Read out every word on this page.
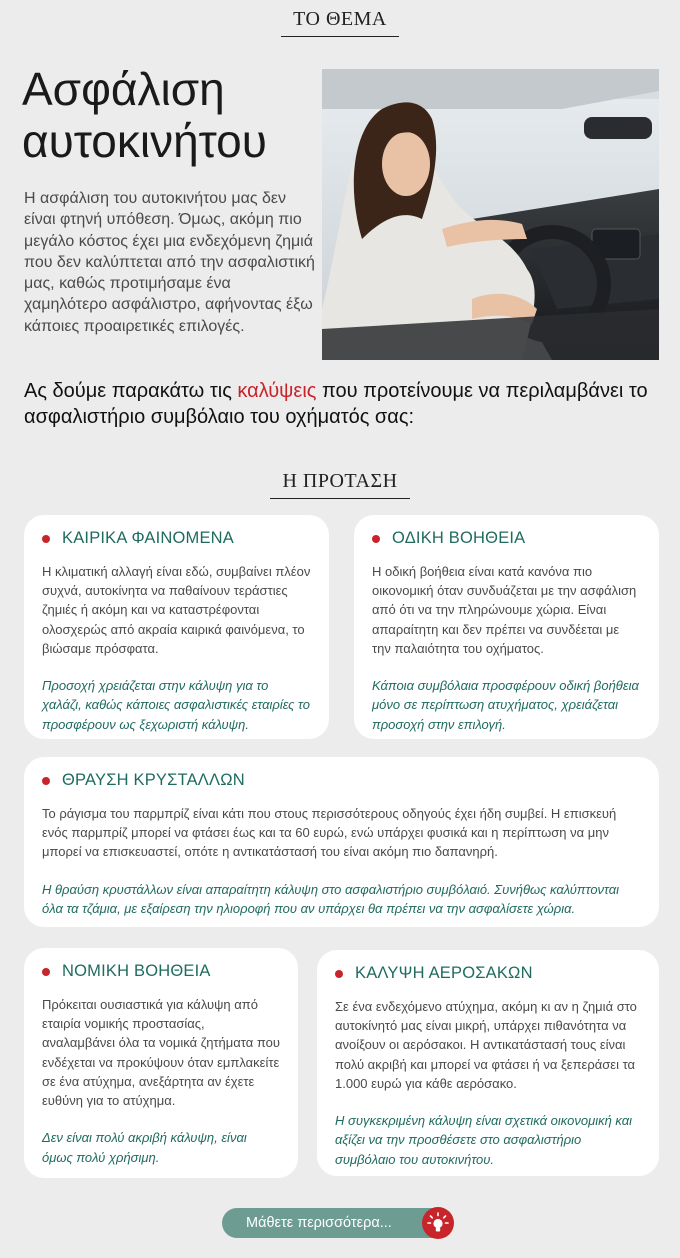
ΤΟ ΘΕΜΑ
Ασφάλιση
αυτοκινήτου
Η ασφάλιση του αυτοκινήτου μας δεν είναι φτηνή υπόθεση. Όμως, ακόμη πιο μεγάλο κόστος έχει μια ενδεχόμενη ζημιά που δεν καλύπτεται από την ασφαλιστική μας, καθώς προτιμήσαμε ένα χαμηλότερο ασφάλιστρο, αφήνοντας έξω κάποιες προαιρετικές επιλογές.
Ας δούμε παρακάτω τις καλύψεις που προτείνουμε να περιλαμβάνει το ασφαλιστήριο συμβόλαιο του οχήματός σας:
Η ΠΡΟΤΑΣΗ
ΚΑΙΡΙΚΑ ΦΑΙΝΟΜΕΝΑ

Η κλιματική αλλαγή είναι εδώ, συμβαίνει πλέον συχνά, αυτοκίνητα να παθαίνουν τεράστιες ζημιές ή ακόμη και να καταστρέφονται ολοσχερώς από ακραία καιρικά φαινόμενα, το βιώσαμε πρόσφατα.

Προσοχή χρειάζεται στην κάλυψη για το χαλάζι, καθώς κάποιες ασφαλιστικές εταιρίες το προσφέρουν ως ξεχωριστή κάλυψη.

ΟΔΙΚΗ ΒΟΗΘΕΙΑ

Η οδική βοήθεια είναι κατά κανόνα πιο οικονομική όταν συνδυάζεται με την ασφάλιση από ότι να την πληρώνουμε χώρια. Είναι απαραίτητη και δεν πρέπει να συνδέεται με την παλαιότητα του οχήματος.

Κάποια συμβόλαια προσφέρουν οδική βοήθεια μόνο σε περίπτωση ατυχήματος, χρειάζεται προσοχή στην επιλογή.

ΘΡΑΥΣΗ ΚΡΥΣΤΑΛΛΩΝ

Το ράγισμα του παρμπρίζ είναι κάτι που στους περισσότερους οδηγούς έχει ήδη συμβεί. Η επισκευή ενός παρμπρίζ μπορεί να φτάσει έως και τα 60 ευρώ, ενώ υπάρχει φυσικά και η περίπτωση να μην μπορεί να επισκευαστεί, οπότε η αντικατάστασή του είναι ακόμη πιο δαπανηρή.

Η θραύση κρυστάλλων είναι απαραίτητη κάλυψη στο ασφαλιστήριο συμβόλαιό. Συνήθως καλύπτονται όλα τα τζάμια, με εξαίρεση την ηλιοροφή που αν υπάρχει θα πρέπει να την ασφαλίσετε χώρια.

ΝΟΜΙΚΗ ΒΟΗΘΕΙΑ

Πρόκειται ουσιαστικά για κάλυψη από εταιρία νομικής προστασίας, αναλαμβάνει όλα τα νομικά ζητήματα που ενδέχεται να προκύψουν όταν εμπλακείτε σε ένα ατύχημα, ανεξάρτητα αν έχετε ευθύνη για το ατύχημα.

Δεν είναι πολύ ακριβή κάλυψη, είναι όμως πολύ χρήσιμη.

ΚΑΛΥΨΗ ΑΕΡΟΣΑΚΩΝ

Σε ένα ενδεχόμενο ατύχημα, ακόμη κι αν η ζημιά στο αυτοκίνητό μας είναι μικρή, υπάρχει πιθανότητα να ανοίξουν οι αερόσακοι. Η αντικατάστασή τους είναι πολύ ακριβή και μπορεί να φτάσει ή να ξεπεράσει τα 1.000 ευρώ για κάθε αερόσακο.

Η συγκεκριμένη κάλυψη είναι σχετικά οικονομική και αξίζει να την προσθέσετε στο ασφαλιστήριο συμβόλαιο του αυτοκινήτου.

Μάθετε περισσότερα...
